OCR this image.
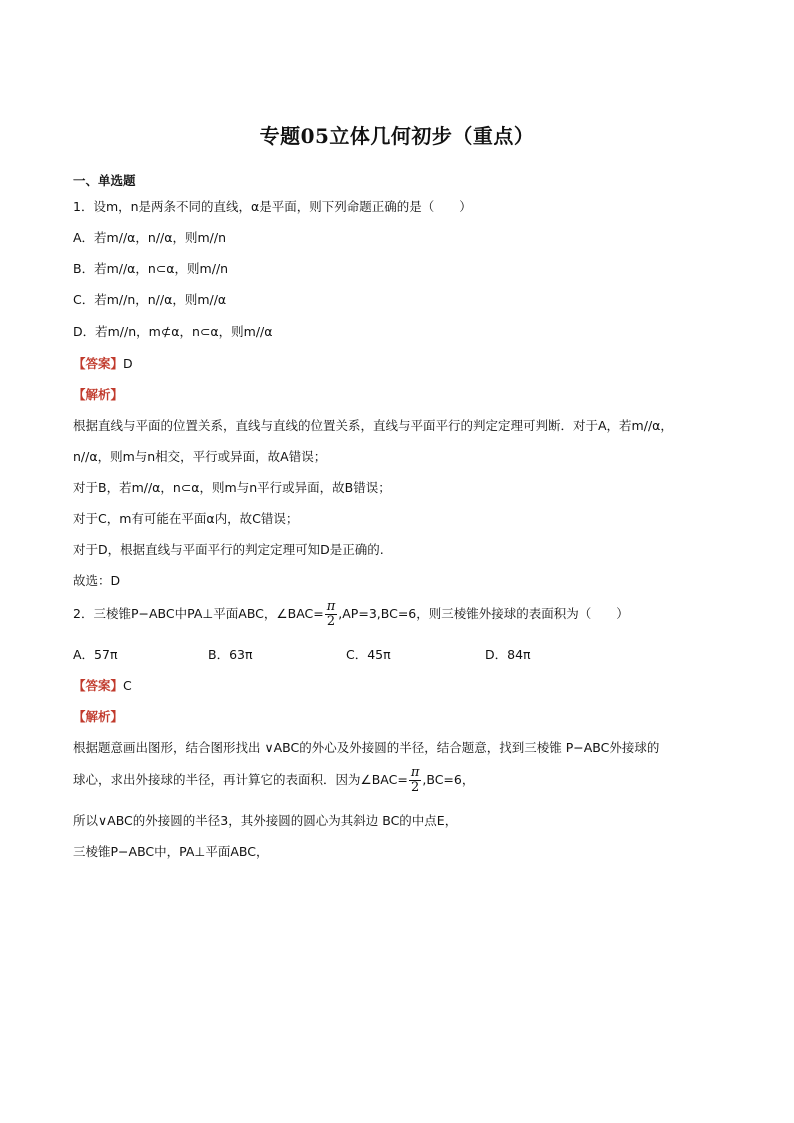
专题05立体几何初步（重点）
一、单选题
1．设m，n是两条不同的直线，α是平面，则下列命题正确的是（　　）
A．若m//α，n//α，则m//n
B．若m//α，n⊂α，则m//n
C．若m//n，n//α，则m//α
D．若m//n，m⊄α，n⊂α，则m//α
【答案】D
【解析】
根据直线与平面的位置关系，直线与直线的位置关系，直线与平面平行的判定定理可判断．对于A，若m//α，
n//α，则m与n相交，平行或异面，故A错误；
对于B，若m//α，n⊂α，则m与n平行或异面，故B错误；
对于C，m有可能在平面α内，故C错误；
对于D，根据直线与平面平行的判定定理可知D是正确的.
故选：D
2．三棱锥P−ABC中PA⊥平面ABC，∠BAC= $\frac{\pi}{2} ,AP=3,BC=6$，则三棱锥外接球的表面积为（　　）
A．57π	B．63π	C．45π	D．84π
【答案】C
【解析】
根据题意画出图形，结合图形找出 ∨ABC的外心及外接圆的半径，结合题意，找到三棱锥 P−ABC外接球的
球心，求出外接球的半径，再计算它的表面积．因为∠BAC= $\frac{\pi}{2} ,BC=6$，
所以∨ABC的外接圆的半径3，其外接圆的圆心为其斜边 BC的中点E，
三棱锥P−ABC中，PA⊥平面ABC，
